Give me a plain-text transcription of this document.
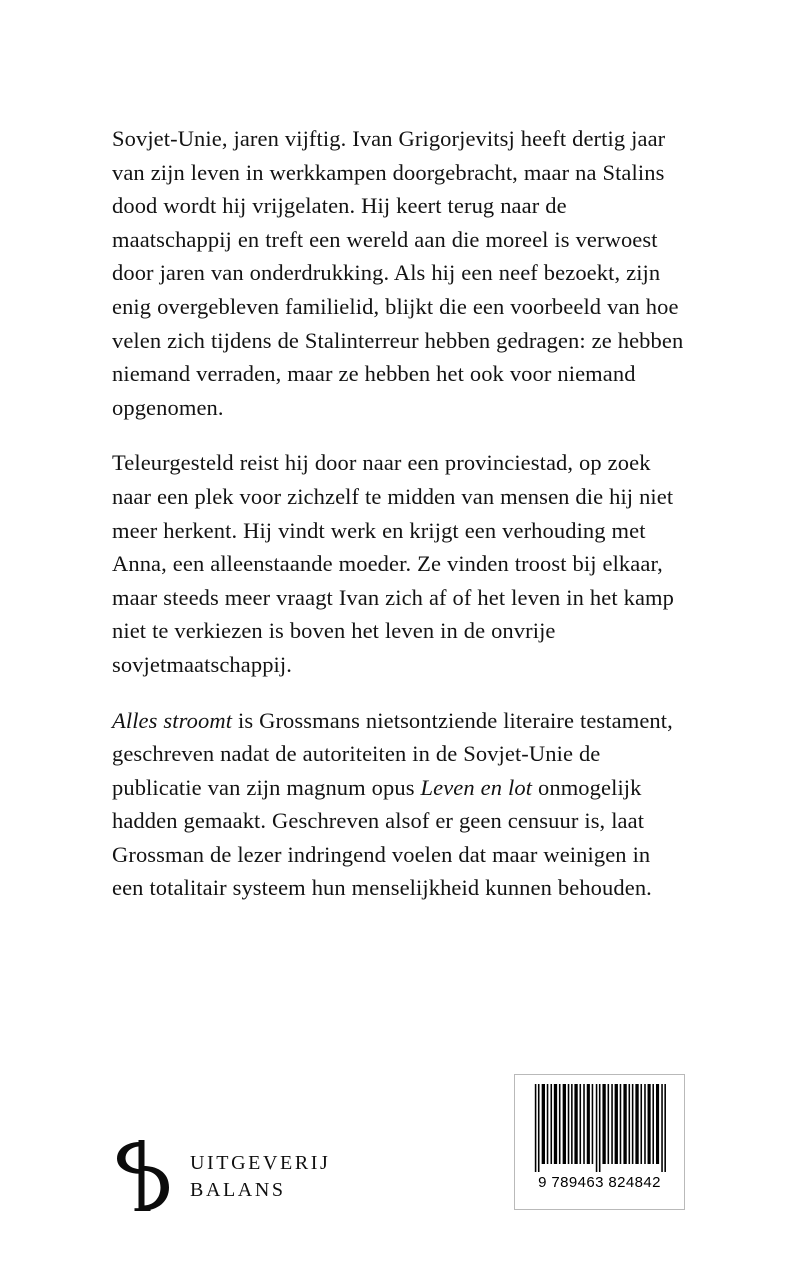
Sovjet-Unie, jaren vijftig. Ivan Grigorjevitsj heeft dertig jaar van zijn leven in werkkampen doorgebracht, maar na Stalins dood wordt hij vrijgelaten. Hij keert terug naar de maatschappij en treft een wereld aan die moreel is verwoest door jaren van onderdrukking. Als hij een neef bezoekt, zijn enig overgebleven familielid, blijkt die een voorbeeld van hoe velen zich tijdens de Stalinterreur hebben gedragen: ze hebben niemand verraden, maar ze hebben het ook voor niemand opgenomen.

Teleurgesteld reist hij door naar een provinciestad, op zoek naar een plek voor zichzelf te midden van mensen die hij niet meer herkent. Hij vindt werk en krijgt een verhouding met Anna, een alleenstaande moeder. Ze vinden troost bij elkaar, maar steeds meer vraagt Ivan zich af of het leven in het kamp niet te verkiezen is boven het leven in de onvrije sovjetmaatschappij.

Alles stroomt is Grossmans nietsontziende literaire testament, geschreven nadat de autoriteiten in de Sovjet-Unie de publicatie van zijn magnum opus Leven en lot onmogelijk hadden gemaakt. Geschreven alsof er geen censuur is, laat Grossman de lezer indringend voelen dat maar weinigen in een totalitair systeem hun menselijkheid kunnen behouden.

UITGEVERIJ
BALANS	9 789463 824842
